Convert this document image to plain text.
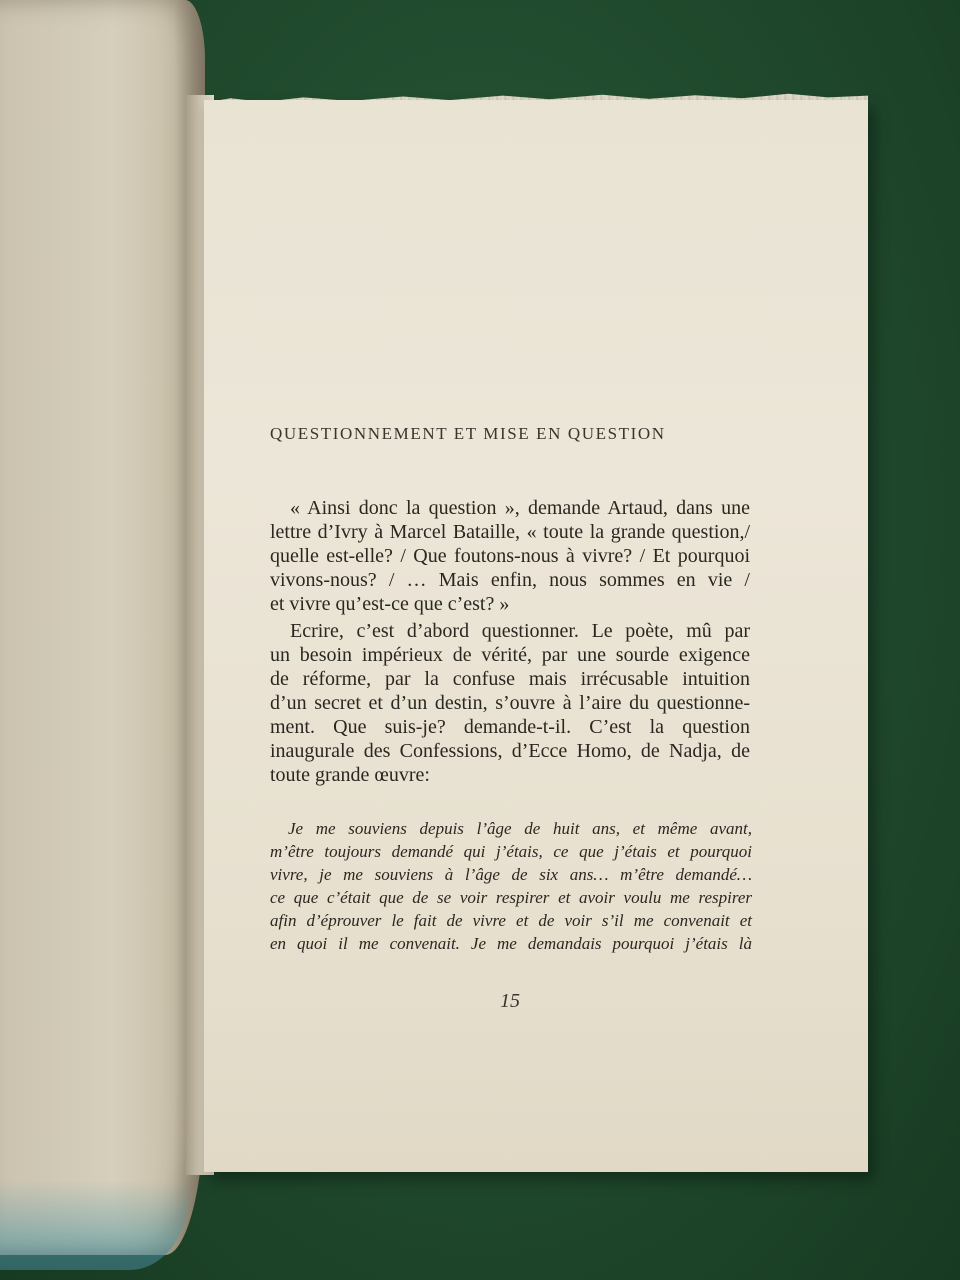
QUESTIONNEMENT ET MISE EN QUESTION
« Ainsi donc la question », demande Artaud, dans une
lettre d’Ivry à Marcel Bataille, « toute la grande question,/
quelle est-elle? / Que foutons-nous à vivre? / Et pourquoi
vivons-nous? / … Mais enfin, nous sommes en vie /
et vivre qu’est-ce que c’est? »
Ecrire, c’est d’abord questionner. Le poète, mû par
un besoin impérieux de vérité, par une sourde exigence
de réforme, par la confuse mais irrécusable intuition
d’un secret et d’un destin, s’ouvre à l’aire du questionne-
ment. Que suis-je? demande-t-il. C’est la question
inaugurale des Confessions, d’Ecce Homo, de Nadja, de
toute grande œuvre:
Je me souviens depuis l’âge de huit ans, et même avant,
m’être toujours demandé qui j’étais, ce que j’étais et pourquoi
vivre, je me souviens à l’âge de six ans… m’être demandé…
ce que c’était que de se voir respirer et avoir voulu me respirer
afin d’éprouver le fait de vivre et de voir s’il me convenait et
en quoi il me convenait. Je me demandais pourquoi j’étais là
15
